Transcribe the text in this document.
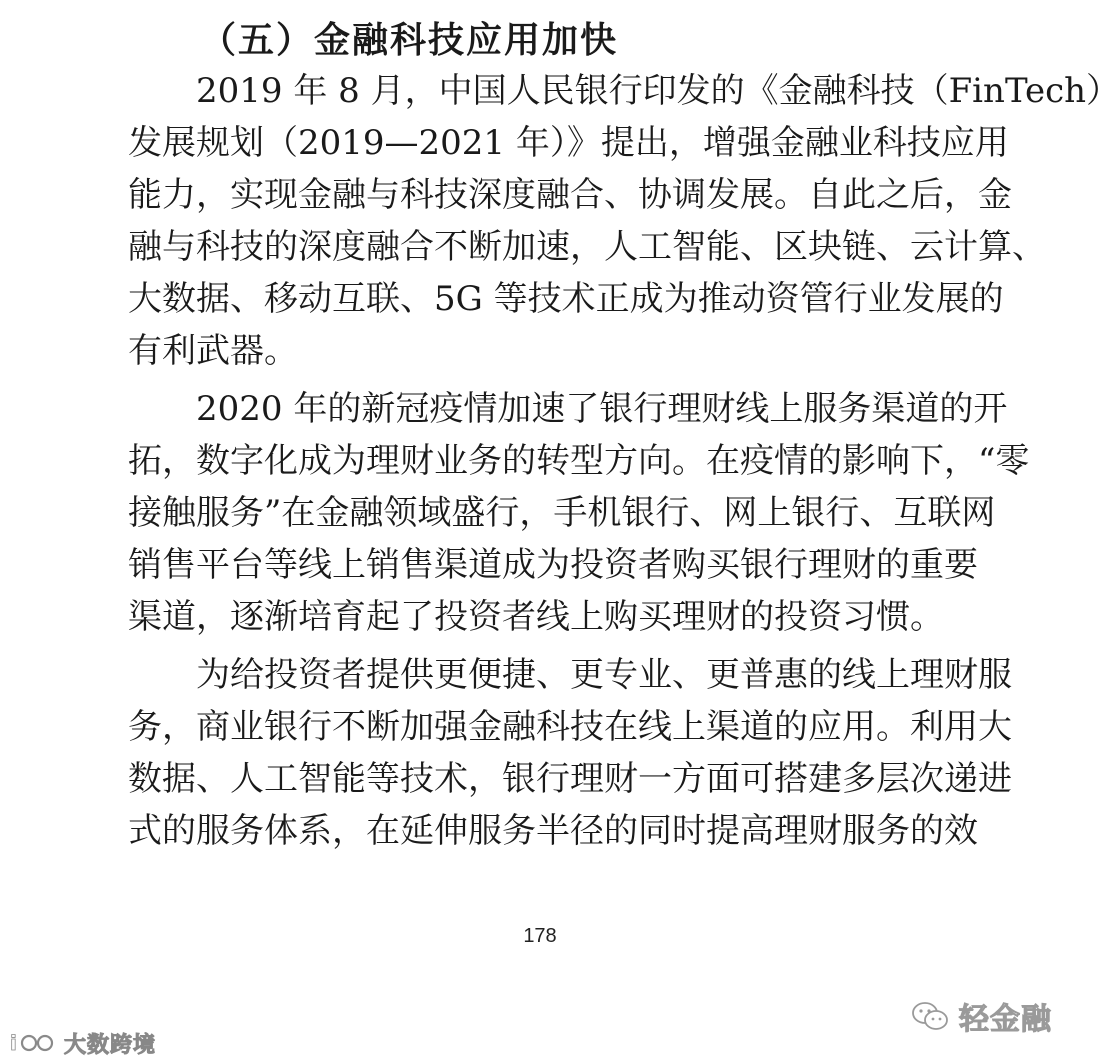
（五）金融科技应用加快
2019 年 8 月，中国人民银行印发的《金融科技（FinTech）
发展规划（2019—2021 年）》提出，增强金融业科技应用
能力，实现金融与科技深度融合、协调发展。自此之后，金
融与科技的深度融合不断加速，人工智能、区块链、云计算、
大数据、移动互联、5G 等技术正成为推动资管行业发展的
有利武器。
2020 年的新冠疫情加速了银行理财线上服务渠道的开
拓，数字化成为理财业务的转型方向。在疫情的影响下，“零
接触服务”在金融领域盛行，手机银行、网上银行、互联网
销售平台等线上销售渠道成为投资者购买银行理财的重要
渠道，逐渐培育起了投资者线上购买理财的投资习惯。
为给投资者提供更便捷、更专业、更普惠的线上理财服
务，商业银行不断加强金融科技在线上渠道的应用。利用大
数据、人工智能等技术，银行理财一方面可搭建多层次递进
式的服务体系，在延伸服务半径的同时提高理财服务的效
178
i 大数跨境
轻金融
